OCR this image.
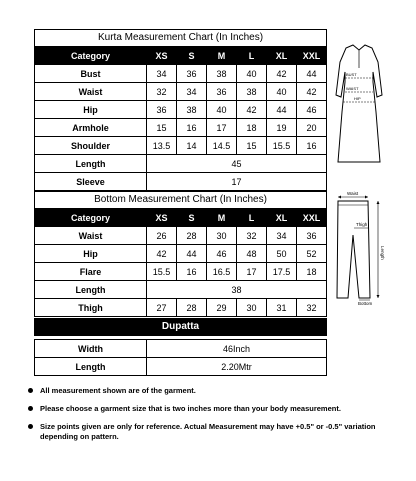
Kurta Measurement Chart (In Inches)						
Category	XS	S	M	L	XL	XXL
Bust	34	36	38	40	42	44
Waist	32	34	36	38	40	42
Hip	36	38	40	42	44	46
Armhole	15	16	17	18	19	20
Shoulder	13.5	14	14.5	15	15.5	16
Length	45					
Sleeve	17					
BUST
WAIST
HIP
Bottom Measurement Chart (In Inches)						
Category	XS	S	M	L	XL	XXL
Waist	26	28	30	32	34	36
Hip	42	44	46	48	50	52
Flare	15.5	16	16.5	17	17.5	18
Length	38					
Thigh	27	28	29	30	31	32
Waist
Thigh
Length
Bottom
Dupatta	

Width	46Inch
Length	2.20Mtr
All measurement shown are of the garment.
Please choose a garment size that is two inches more than your body measurement.
Size points given are only for reference. Actual Measurement may have +0.5" or -0.5" variation depending on pattern.
